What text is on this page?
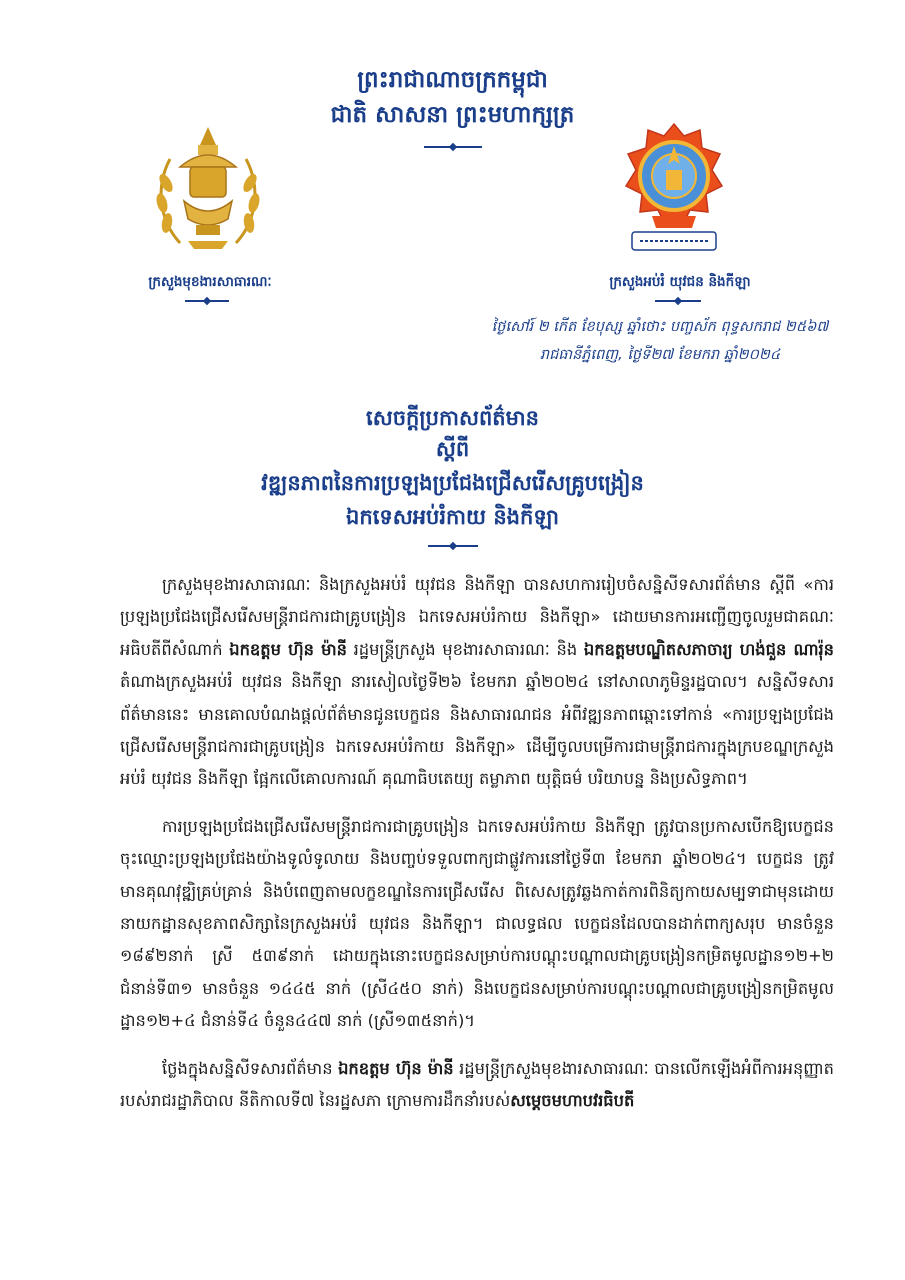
ព្រះរាជាណាចក្រកម្ពុជា
ជាតិ សាសនា ព្រះមហាក្សត្រ
ក្រសួងមុខងារសាធារណៈ	ក្រសួងអប់រំ យុវជន និងកីឡា
ថ្ងៃសៅរ៍ ២ កើត ខែបុស្ស ឆ្នាំថោះ បញ្ចស័ក ពុទ្ធសករាជ ២៥៦៧
រាជធានីភ្នំពេញ, ថ្ងៃទី២៧ ខែមករា ឆ្នាំ២០២៤
សេចក្តីប្រកាសព័ត៌មាន
ស្តីពី
វឌ្ឍនភាពនៃការប្រឡងប្រជែងជ្រើសរើសគ្រូបង្រៀន
ឯកទេសអប់រំកាយ និងកីឡា

ក្រសួងមុខងារសាធារណៈ និងក្រសួងអប់រំ យុវជន និងកីឡា បានសហការរៀបចំសន្និសីទសារព័ត៌មាន ស្តីពី «ការប្រឡងប្រជែងជ្រើសរើសមន្ត្រីរាជការជាគ្រូបង្រៀន ឯកទេសអប់រំកាយ និងកីឡា» ដោយមានការអញ្ជើញចូលរួមជាគណៈអធិបតីពីសំណាក់ ឯកឧត្តម ហ៊ុន ម៉ានី រដ្ឋមន្ត្រីក្រសួង មុខងារសាធារណៈ និង ឯកឧត្តមបណ្ឌិតសភាចារ្យ ហង់ជួន ណារ៉ុន តំណាងក្រសួងអប់រំ យុវជន និងកីឡា នារសៀលថ្ងៃទី២៦ ខែមករា ឆ្នាំ២០២៤ នៅសាលាភូមិន្ទរដ្ឋបាល។ សន្និសីទសារព័ត៌មាននេះ មានគោលបំណងផ្តល់ព័ត៌មានជូនបេក្ខជន និងសាធារណជន អំពីវឌ្ឍនភាពឆ្ពោះទៅកាន់ «ការប្រឡងប្រជែងជ្រើសរើសមន្ត្រីរាជការជាគ្រូបង្រៀន ឯកទេសអប់រំកាយ និងកីឡា» ដើម្បីចូលបម្រើការជាមន្ត្រីរាជការក្នុងក្របខណ្ឌក្រសួងអប់រំ យុវជន និងកីឡា ផ្អែកលើគោលការណ៍ គុណាធិបតេយ្យ តម្លាភាព យុត្តិធម៌ បរិយាបន្ន និងប្រសិទ្ធភាព។

ការប្រឡងប្រជែងជ្រើសរើសមន្ត្រីរាជការជាគ្រូបង្រៀន ឯកទេសអប់រំកាយ និងកីឡា ត្រូវបានប្រកាសបើកឱ្យបេក្ខជនចុះឈ្មោះប្រឡងប្រជែងយ៉ាងទូលំទូលាយ និងបញ្ចប់ទទួលពាក្យជាផ្លូវការនៅថ្ងៃទី៣ ខែមករា ឆ្នាំ២០២៤។ បេក្ខជន ត្រូវមានគុណវុឌ្ឍិគ្រប់គ្រាន់ និងបំពេញតាមលក្ខខណ្ឌនៃការជ្រើសរើស ពិសេសត្រូវឆ្លងកាត់ការពិនិត្យកាយសម្បទាជាមុនដោយនាយកដ្ឋានសុខភាពសិក្សានៃក្រសួងអប់រំ យុវជន និងកីឡា។ ជាលទ្ធផល បេក្ខជនដែលបានដាក់ពាក្យសរុប មានចំនួន ១៨៩២នាក់ ស្រី ៥៣៩នាក់ ដោយក្នុងនោះបេក្ខជនសម្រាប់ការបណ្តុះបណ្តាលជាគ្រូបង្រៀនកម្រិតមូលដ្ឋាន១២+២ ជំនាន់ទី៣១ មានចំនួន ១៤៤៥ នាក់ (ស្រី៤៥០ នាក់) និងបេក្ខជនសម្រាប់ការបណ្តុះបណ្តាលជាគ្រូបង្រៀនកម្រិតមូលដ្ឋាន១២+៤ ជំនាន់ទី៤ ចំនួន៤៤៧ នាក់ (ស្រី១៣៥នាក់)។

ថ្លែងក្នុងសន្និសីទសារព័ត៌មាន ឯកឧត្តម ហ៊ុន ម៉ានី រដ្ឋមន្ត្រីក្រសួងមុខងារសាធារណៈ បានលើកឡើងអំពីការអនុញ្ញាតរបស់រាជរដ្ឋាភិបាល នីតិកាលទី៧ នៃរដ្ឋសភា ក្រោមការដឹកនាំរបស់សម្តេចមហាបវរធិបតី
